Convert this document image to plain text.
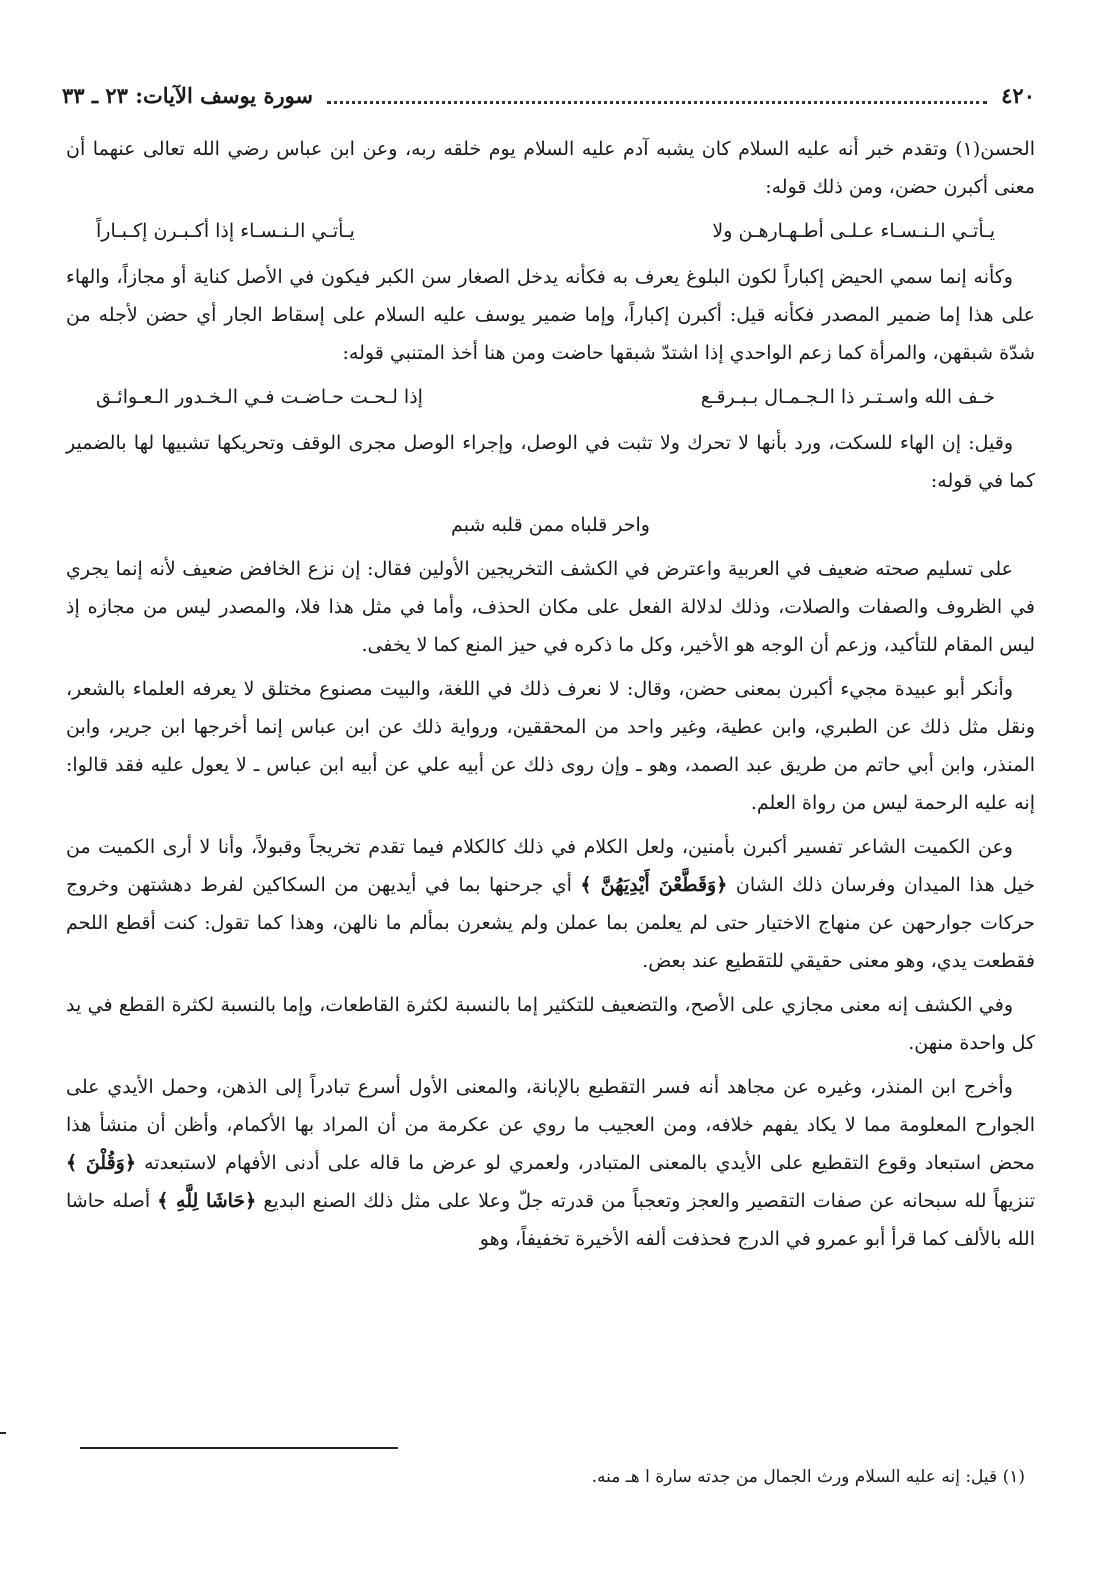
٤٢٠
سورة يوسف الآيات: ٢٣ ـ ٣٣

الحسن(١) وتقدم خبر أنه عليه السلام كان يشبه آدم عليه السلام يوم خلقه ربه، وعن ابن عباس رضي الله تعالى عنهما أن معنى أكبرن حضن، ومن ذلك قوله:

يـأتـي الـنـسـاء عـلـى أطـهـارهـن ولا
يـأتـي الـنـسـاء إذا أكـبـرن إكـبـاراً

وكأنه إنما سمي الحيض إكباراً لكون البلوغ يعرف به فكأنه يدخل الصغار سن الكبر فيكون في الأصل كناية أو مجازاً، والهاء على هذا إما ضمير المصدر فكأنه قيل: أكبرن إكباراً، وإما ضمير يوسف عليه السلام على إسقاط الجار أي حضن لأجله من شدّة شبقهن، والمرأة كما زعم الواحدي إذا اشتدّ شبقها حاضت ومن هنا أخذ المتنبي قوله:

خـف الله واسـتـر ذا الـجـمـال بـبـرقـع
إذا لـحـت حـاضـت فـي الـخـدور الـعـوائـق

وقيل: إن الهاء للسكت، ورد بأنها لا تحرك ولا تثبت في الوصل، وإجراء الوصل مجرى الوقف وتحريكها تشبيها لها بالضمير كما في قوله:

واحر قلباه ممن قلبه شبم

على تسليم صحته ضعيف في العربية واعترض في الكشف التخريجين الأولين فقال: إن نزع الخافض ضعيف لأنه إنما يجري في الظروف والصفات والصلات، وذلك لدلالة الفعل على مكان الحذف، وأما في مثل هذا فلا، والمصدر ليس من مجازه إذ ليس المقام للتأكيد، وزعم أن الوجه هو الأخير، وكل ما ذكره في حيز المنع كما لا يخفى.

وأنكر أبو عبيدة مجيء أكبرن بمعنى حضن، وقال: لا نعرف ذلك في اللغة، والبيت مصنوع مختلق لا يعرفه العلماء بالشعر، ونقل مثل ذلك عن الطبري، وابن عطية، وغير واحد من المحققين، ورواية ذلك عن ابن عباس إنما أخرجها ابن جرير، وابن المنذر، وابن أبي حاتم من طريق عبد الصمد، وهو ـ وإن روى ذلك عن أبيه علي عن أبيه ابن عباس ـ لا يعول عليه فقد قالوا: إنه عليه الرحمة ليس من رواة العلم.

وعن الكميت الشاعر تفسير أكبرن بأمنين، ولعل الكلام في ذلك كالكلام فيما تقدم تخريجاً وقبولاً، وأنا لا أرى الكميت من خيل هذا الميدان وفرسان ذلك الشان ﴿وَقَطَّعْنَ أَيْدِيَهُنَّ ﴾ أي جرحنها بما في أيديهن من السكاكين لفرط دهشتهن وخروج حركات جوارحهن عن منهاج الاختيار حتى لم يعلمن بما عملن ولم يشعرن بمألم ما نالهن، وهذا كما تقول: كنت أقطع اللحم فقطعت يدي، وهو معنى حقيقي للتقطيع عند بعض.

وفي الكشف إنه معنى مجازي على الأصح، والتضعيف للتكثير إما بالنسبة لكثرة القاطعات، وإما بالنسبة لكثرة القطع في يد كل واحدة منهن.

وأخرج ابن المنذر، وغيره عن مجاهد أنه فسر التقطيع بالإبانة، والمعنى الأول أسرع تبادراً إلى الذهن، وحمل الأيدي على الجوارح المعلومة مما لا يكاد يفهم خلافه، ومن العجيب ما روي عن عكرمة من أن المراد بها الأكمام، وأظن أن منشأ هذا محض استبعاد وقوع التقطيع على الأيدي بالمعنى المتبادر، ولعمري لو عرض ما قاله على أدنى الأفهام لاستبعدته ﴿وَقُلْنَ ﴾ تنزيهاً لله سبحانه عن صفات التقصير والعجز وتعجباً من قدرته جلّ وعلا على مثل ذلك الصنع البديع ﴿حَاشَا لِلَّهِ ﴾ أصله حاشا الله بالألف كما قرأ أبو عمرو في الدرج فحذفت ألفه الأخيرة تخفيفاً، وهو

(١) قيل: إنه عليه السلام ورث الجمال من جدته سارة ا هـ منه.
